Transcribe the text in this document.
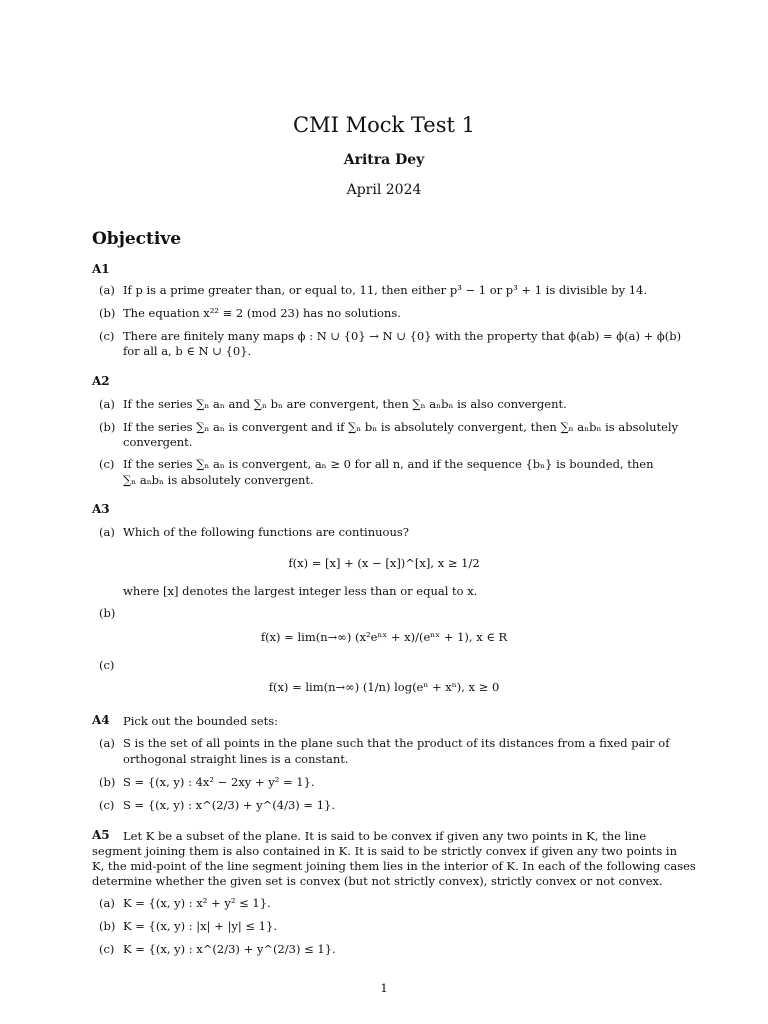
CMI Mock Test 1
Aritra Dey
April 2024
Objective
A1
(a) If p is a prime greater than, or equal to, 11, then either p³ − 1 or p³ + 1 is divisible by 14.
(b) The equation x²² ≡ 2 (mod 23) has no solutions.
(c) There are finitely many maps ϕ : N ∪ {0} → N ∪ {0} with the property that ϕ(ab) = ϕ(a) + ϕ(b)
for all a, b ∈ N ∪ {0}.
A2
(a) If the series ∑ₙ aₙ and ∑ₙ bₙ are convergent, then ∑ₙ aₙbₙ is also convergent.
(b) If the series ∑ₙ aₙ is convergent and if ∑ₙ bₙ is absolutely convergent, then ∑ₙ aₙbₙ is absolutely
convergent.
(c) If the series ∑ₙ aₙ is convergent, aₙ ≥ 0 for all n, and if the sequence {bₙ} is bounded, then
∑ₙ aₙbₙ is absolutely convergent.
A3
(a) Which of the following functions are continuous?
f(x) = [x] + (x − [x])^[x], x ≥ 1/2
where [x] denotes the largest integer less than or equal to x.
(b)
f(x) = lim(n→∞) (x²eⁿˣ + x)/(eⁿˣ + 1), x ∈ R
(c)
f(x) = lim(n→∞) (1/n) log(eⁿ + xⁿ), x ≥ 0
A4 Pick out the bounded sets:
(a) S is the set of all points in the plane such that the product of its distances from a fixed pair of
orthogonal straight lines is a constant.
(b) S = {(x, y) : 4x² − 2xy + y² = 1}.
(c) S = {(x, y) : x^(2/3) + y^(4/3) = 1}.
A5 Let K be a subset of the plane. It is said to be convex if given any two points in K, the line
segment joining them is also contained in K. It is said to be strictly convex if given any two points in
K, the mid-point of the line segment joining them lies in the interior of K. In each of the following cases
determine whether the given set is convex (but not strictly convex), strictly convex or not convex.
(a) K = {(x, y) : x² + y² ≤ 1}.
(b) K = {(x, y) : |x| + |y| ≤ 1}.
(c) K = {(x, y) : x^(2/3) + y^(2/3) ≤ 1}.
1
